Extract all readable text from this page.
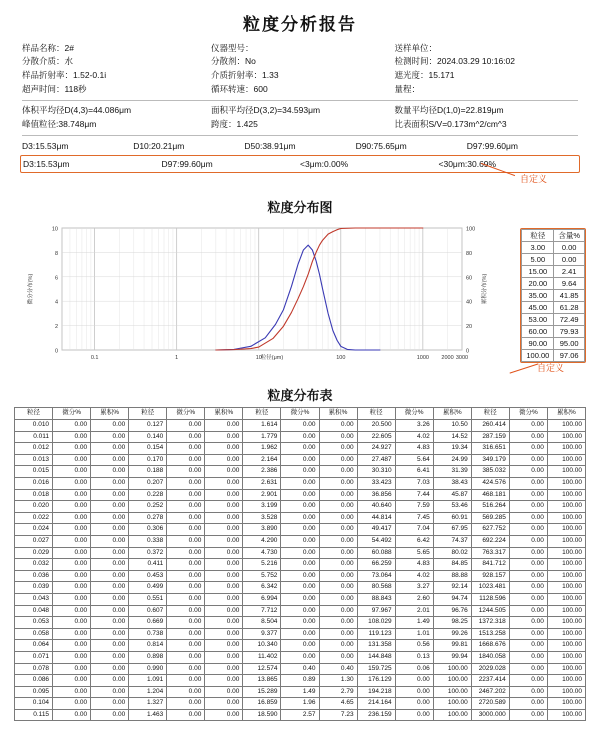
粒度分析报告
样品名称：2#	仪器型号：	送样单位：
分散介质：水	分散剂：No	检测时间：2024.03.29 10:16:02
样品折射率：1.52-0.1i	介质折射率：1.33	遮光度：15.171
超声时间：118秒	循环转速：600	量程：
体积平均径D(4,3)=44.086μm	面积平均径D(3,2)=34.593μm	数量平均径D(1,0)=22.819μm
峰值粒径:38.748μm	跨度：1.425	比表面积S/V=0.173m^2/cm^3
D3:15.53μm	D10:20.21μm	D50:38.91μm	D90:75.65μm	D97:99.60μm
D3:15.53μm	D97:99.60μm	<3μm:0.00%	<30μm:30.69%
自定义
粒度分布图
0
2
4
6
8
10
0
20
40
60
80
100
0.1	1	10	100	1000 2000 3000
粒径(μm)
微分分布(%)	累积分布(%)
粒径	含量%
3.00	0.00
5.00	0.00
15.00	2.41
20.00	9.64
35.00	41.85
45.00	61.28
53.00	72.49
60.00	79.93
90.00	95.00
100.00	97.06
自定义
粒度分布表
粒径	微分%	累积%	粒径	微分%	累积%	粒径	微分%	累积%	粒径	微分%	累积%	粒径	微分%	累积%
0.010	0.00	0.00	0.127	0.00	0.00	1.614	0.00	0.00	20.500	3.26	10.50	260.414	0.00	100.00
0.011	0.00	0.00	0.140	0.00	0.00	1.779	0.00	0.00	22.605	4.02	14.52	287.159	0.00	100.00
0.012	0.00	0.00	0.154	0.00	0.00	1.962	0.00	0.00	24.927	4.83	19.34	316.651	0.00	100.00
0.013	0.00	0.00	0.170	0.00	0.00	2.164	0.00	0.00	27.487	5.64	24.99	349.179	0.00	100.00
0.015	0.00	0.00	0.188	0.00	0.00	2.386	0.00	0.00	30.310	6.41	31.39	385.032	0.00	100.00
0.016	0.00	0.00	0.207	0.00	0.00	2.631	0.00	0.00	33.423	7.03	38.43	424.576	0.00	100.00
0.018	0.00	0.00	0.228	0.00	0.00	2.901	0.00	0.00	36.856	7.44	45.87	468.181	0.00	100.00
0.020	0.00	0.00	0.252	0.00	0.00	3.199	0.00	0.00	40.640	7.59	53.46	516.264	0.00	100.00
0.022	0.00	0.00	0.278	0.00	0.00	3.528	0.00	0.00	44.814	7.45	60.91	569.285	0.00	100.00
0.024	0.00	0.00	0.306	0.00	0.00	3.890	0.00	0.00	49.417	7.04	67.95	627.752	0.00	100.00
0.027	0.00	0.00	0.338	0.00	0.00	4.290	0.00	0.00	54.492	6.42	74.37	692.224	0.00	100.00
0.029	0.00	0.00	0.372	0.00	0.00	4.730	0.00	0.00	60.088	5.65	80.02	763.317	0.00	100.00
0.032	0.00	0.00	0.411	0.00	0.00	5.216	0.00	0.00	66.259	4.83	84.85	841.712	0.00	100.00
0.036	0.00	0.00	0.453	0.00	0.00	5.752	0.00	0.00	73.064	4.02	88.88	928.157	0.00	100.00
0.039	0.00	0.00	0.499	0.00	0.00	6.342	0.00	0.00	80.568	3.27	92.14	1023.481	0.00	100.00
0.043	0.00	0.00	0.551	0.00	0.00	6.994	0.00	0.00	88.843	2.60	94.74	1128.596	0.00	100.00
0.048	0.00	0.00	0.607	0.00	0.00	7.712	0.00	0.00	97.967	2.01	96.76	1244.505	0.00	100.00
0.053	0.00	0.00	0.669	0.00	0.00	8.504	0.00	0.00	108.029	1.49	98.25	1372.318	0.00	100.00
0.058	0.00	0.00	0.738	0.00	0.00	9.377	0.00	0.00	119.123	1.01	99.26	1513.258	0.00	100.00
0.064	0.00	0.00	0.814	0.00	0.00	10.340	0.00	0.00	131.358	0.56	99.81	1668.676	0.00	100.00
0.071	0.00	0.00	0.898	0.00	0.00	11.402	0.00	0.00	144.848	0.13	99.94	1840.058	0.00	100.00
0.078	0.00	0.00	0.990	0.00	0.00	12.574	0.40	0.40	159.725	0.06	100.00	2029.028	0.00	100.00
0.086	0.00	0.00	1.091	0.00	0.00	13.865	0.89	1.30	176.129	0.00	100.00	2237.414	0.00	100.00
0.095	0.00	0.00	1.204	0.00	0.00	15.289	1.49	2.79	194.218	0.00	100.00	2467.202	0.00	100.00
0.104	0.00	0.00	1.327	0.00	0.00	16.859	1.96	4.65	214.164	0.00	100.00	2720.589	0.00	100.00
0.115	0.00	0.00	1.463	0.00	0.00	18.590	2.57	7.23	236.159	0.00	100.00	3000.000	0.00	100.00
